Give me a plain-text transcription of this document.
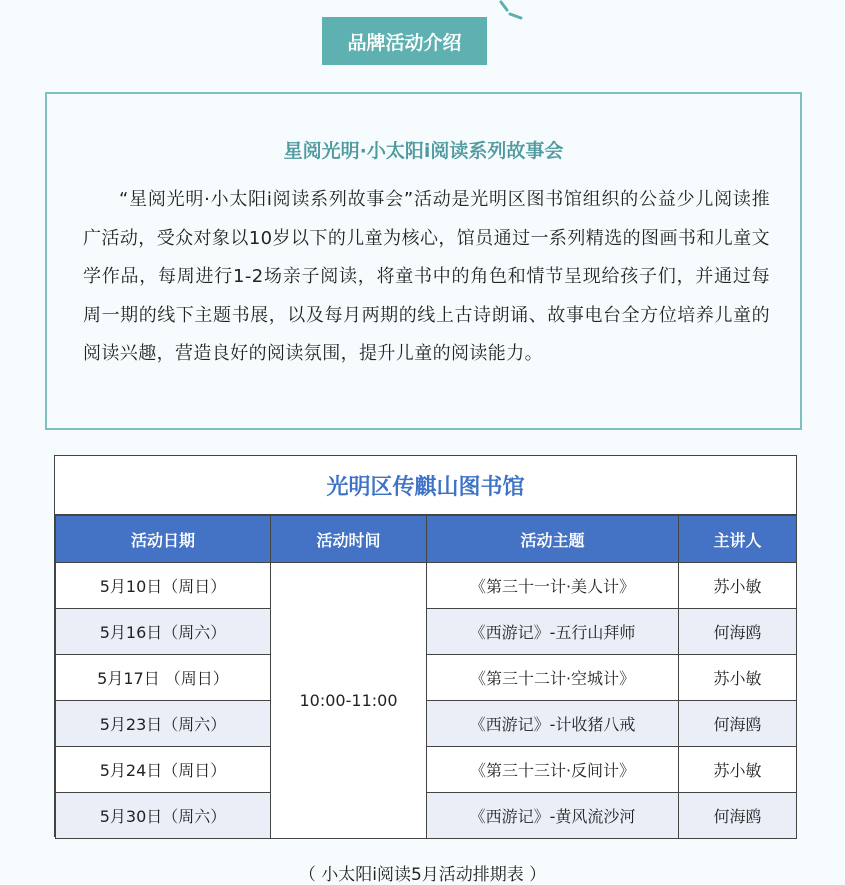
品牌活动介绍
星阅光明·小太阳i阅读系列故事会
“星阅光明·小太阳i阅读系列故事会”活动是光明区图书馆组织的公益少儿阅读推广活动，受众对象以10岁以下的儿童为核心，馆员通过一系列精选的图画书和儿童文学作品，每周进行1-2场亲子阅读，将童书中的角色和情节呈现给孩子们，并通过每周一期的线下主题书展，以及每月两期的线上古诗朗诵、故事电台全方位培养儿童的阅读兴趣，营造良好的阅读氛围，提升儿童的阅读能力。
光明区传麒山图书馆
活动日期	活动时间	活动主题	主讲人
5月10日（周日）	10:00-11:00	《第三十一计·美人计》	苏小敏
5月16日（周六）		《西游记》-五行山拜师	何海鸥
5月17日 （周日）		《第三十二计·空城计》	苏小敏
5月23日（周六）		《西游记》-计收猪八戒	何海鸥
5月24日（周日）		《第三十三计·反间计》	苏小敏
5月30日（周六）		《西游记》-黄风流沙河	何海鸥
（ 小太阳i阅读5月活动排期表 ）
